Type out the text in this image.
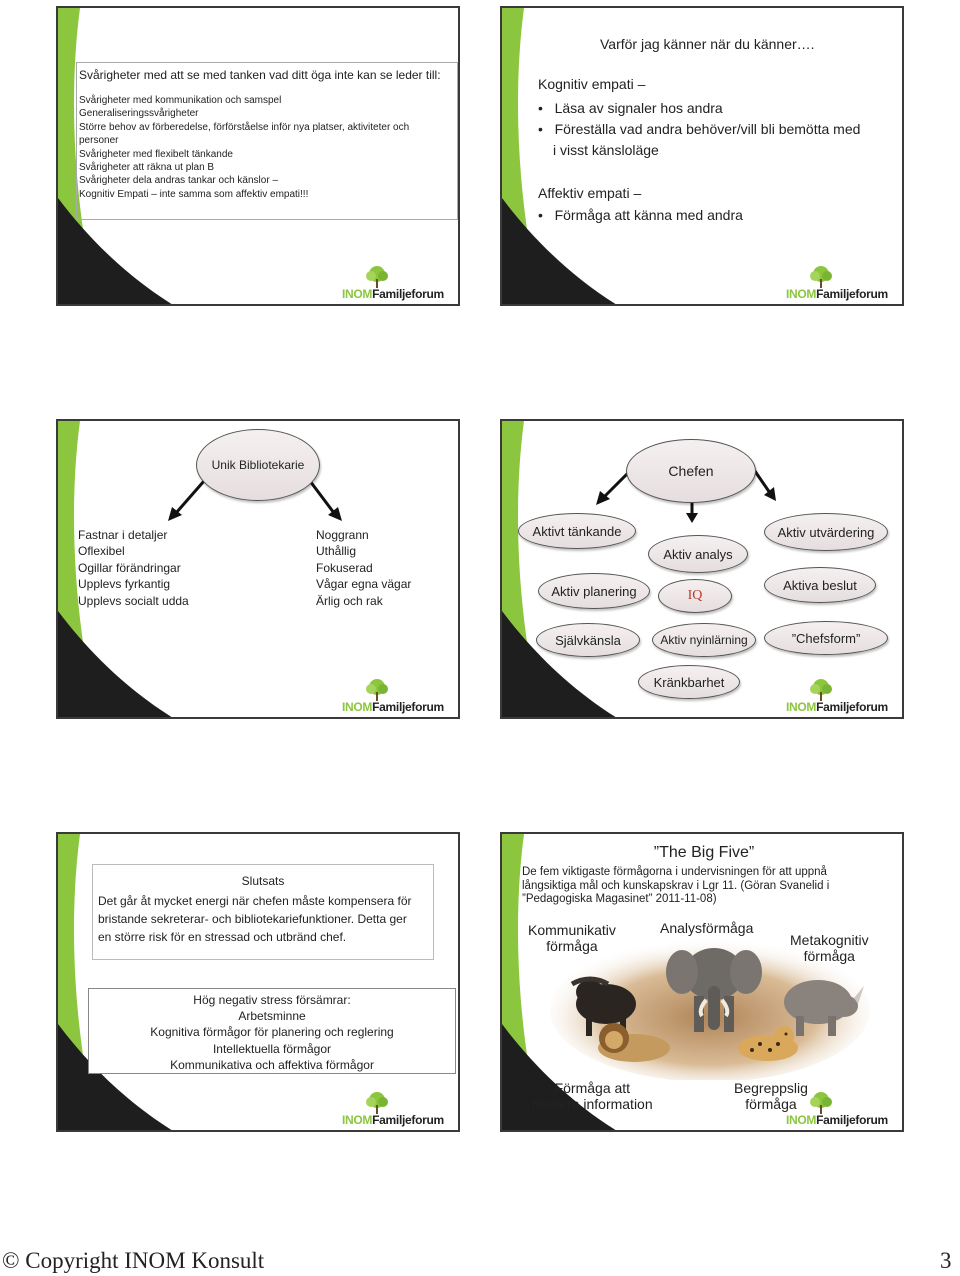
Svårigheter med att se med tanken vad ditt öga inte kan se leder till:
Svårigheter med kommunikation och samspel
Generaliseringssvårigheter
Större behov av förberedelse, förförståelse inför nya platser, aktiviteter och
personer
Svårigheter med flexibelt tänkande
Svårigheter att räkna ut plan B
Svårigheter dela andras tankar och känslor –
Kognitiv Empati – inte samma som affektiv empati!!!
INOMFamiljeforum
Varför jag känner när du känner….
Kognitiv empati –
•   Läsa av signaler hos andra
•   Föreställa vad andra behöver/vill bli bemötta med
i visst känsloläge
Affektiv empati –
•   Förmåga att känna med andra
INOMFamiljeforum
Unik Bibliotekarie
Fastnar i detaljer
Oflexibel
Ogillar förändringar
Upplevs fyrkantig
Upplevs socialt udda
Noggrann
Uthållig
Fokuserad
Vågar egna vägar
Ärlig och rak
INOMFamiljeforum
Chefen
Aktivt tänkande
Aktiv analys
Aktiv utvärdering
Aktiv planering	IQ
Aktiva beslut
Självkänsla	Aktiv nyinlärning	”Chefsform”
Kränkbarhet
INOMFamiljeforum
Slutsats
Det går åt mycket energi när chefen måste kompensera för
bristande sekreterar- och bibliotekariefunktioner. Detta ger
en större risk för en stressad och utbränd chef.
Hög negativ stress försämrar:
Arbetsminne
Kognitiva förmågor för planering och reglering
Intellektuella förmågor
Kommunikativa och affektiva förmågor
INOMFamiljeforum
”The Big Five”
De fem viktigaste förmågorna i undervisningen för att uppnå
långsiktiga mål och kunskapskrav i Lgr 11. (Göran Svanelid i
”Pedagogiska Magasinet” 2011-11-08)
Kommunikativ
förmåga
Analysförmåga
Metakognitiv
förmåga
Förmåga att
hantera information
Begreppslig
förmåga
INOMFamiljeforum
© Copyright INOM Konsult	3
